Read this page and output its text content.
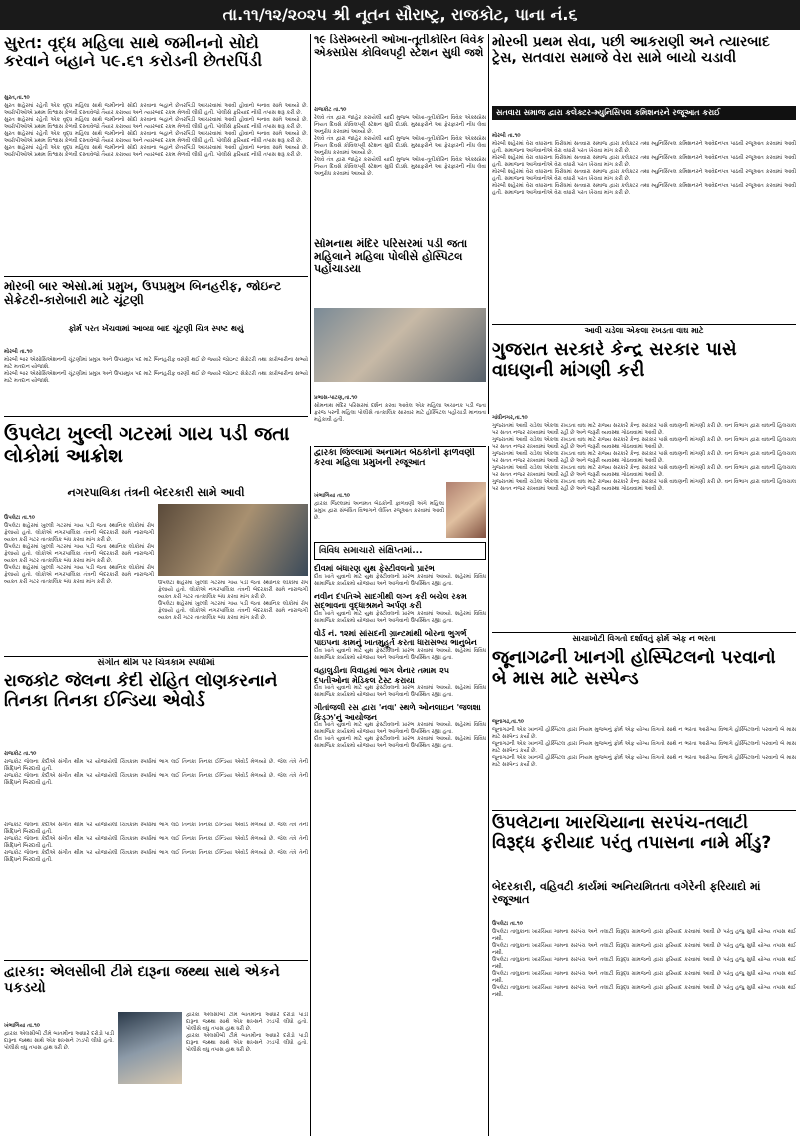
તા.૧૧/૧૨/૨૦૨૫ શ્રી નૂતન સૌરાષ્ટ્ર, રાજકોટ, પાના નં.૬
સુરત: વૃદ્ધ મહિલા સાથે જમીનનો સોદો કરવાને બહાને ૫૯.૬૧ કરોડની છેતરપિંડી
સુરત,તા.૧૦
સુરત શહેરમાં રહેતી એક વૃદ્ધ મહિલા સાથે જમીનનો સોદો કરવાના બહાને છેતરપિંડી આચરવામાં આવી હોવાનો બનાવ સામે આવ્યો છે. આરોપીઓએ પ્રથમ વિશ્વાસ કેળવી દસ્તાવેજો તૈયાર કરાવ્યા અને ત્યારબાદ રકમ મેળવી લીધી હતી. પોલીસે ફરિયાદ નોંધી તપાસ શરૂ કરી છે.
સુરત શહેરમાં રહેતી એક વૃદ્ધ મહિલા સાથે જમીનનો સોદો કરવાના બહાને છેતરપિંડી આચરવામાં આવી હોવાનો બનાવ સામે આવ્યો છે. આરોપીઓએ પ્રથમ વિશ્વાસ કેળવી દસ્તાવેજો તૈયાર કરાવ્યા અને ત્યારબાદ રકમ મેળવી લીધી હતી. પોલીસે ફરિયાદ નોંધી તપાસ શરૂ કરી છે.
સુરત શહેરમાં રહેતી એક વૃદ્ધ મહિલા સાથે જમીનનો સોદો કરવાના બહાને છેતરપિંડી આચરવામાં આવી હોવાનો બનાવ સામે આવ્યો છે. આરોપીઓએ પ્રથમ વિશ્વાસ કેળવી દસ્તાવેજો તૈયાર કરાવ્યા અને ત્યારબાદ રકમ મેળવી લીધી હતી. પોલીસે ફરિયાદ નોંધી તપાસ શરૂ કરી છે.
સુરત શહેરમાં રહેતી એક વૃદ્ધ મહિલા સાથે જમીનનો સોદો કરવાના બહાને છેતરપિંડી આચરવામાં આવી હોવાનો બનાવ સામે આવ્યો છે. આરોપીઓએ પ્રથમ વિશ્વાસ કેળવી દસ્તાવેજો તૈયાર કરાવ્યા અને ત્યારબાદ રકમ મેળવી લીધી હતી. પોલીસે ફરિયાદ નોંધી તપાસ શરૂ કરી છે.
૧૯ ડિસેમ્બરની ઓખા-તૂતીકોરિન વિવેક એક્સપ્રેસ કોવિલપટ્ટી સ્ટેશન સુધી જશે
રાજકોટ તા.૧૦
રેલવે તંત્ર દ્વારા જાહેર કરાયેલી યાદી મુજબ ઓખા-તૂતીકોરિન વિવેક એક્સપ્રેસ નિયત દિવસે કોવિલપટ્ટી સ્ટેશન સુધી દોડશે. મુસાફરોને આ ફેરફારની નોંધ લેવા અનુરોધ કરવામાં આવ્યો છે.
રેલવે તંત્ર દ્વારા જાહેર કરાયેલી યાદી મુજબ ઓખા-તૂતીકોરિન વિવેક એક્સપ્રેસ નિયત દિવસે કોવિલપટ્ટી સ્ટેશન સુધી દોડશે. મુસાફરોને આ ફેરફારની નોંધ લેવા અનુરોધ કરવામાં આવ્યો છે.
રેલવે તંત્ર દ્વારા જાહેર કરાયેલી યાદી મુજબ ઓખા-તૂતીકોરિન વિવેક એક્સપ્રેસ નિયત દિવસે કોવિલપટ્ટી સ્ટેશન સુધી દોડશે. મુસાફરોને આ ફેરફારની નોંધ લેવા અનુરોધ કરવામાં આવ્યો છે.
મોરબી પ્રથમ સેવા, પછી આકરાણી અને ત્યારબાદ ટ્રેસ, સતવારા સમાજે વેરા સામે બાયો ચડાવી
સતવારા સમાજ દ્વારા કલેક્ટર-મ્યુનિસિપલ કમિશનરને રજૂઆત કરાઈ
મોરબી તા.૧૦
મોરબી શહેરમાં વેરા વધારાના વિરોધમાં સતવારા સમાજ દ્વારા કલેક્ટર તથા મ્યુનિસિપલ કમિશનરને આવેદનપત્ર પાઠવી રજૂઆત કરવામાં આવી હતી. સમાજના આગેવાનોએ વેરા વધારો પરત ખેંચવા માંગ કરી છે.
મોરબી શહેરમાં વેરા વધારાના વિરોધમાં સતવારા સમાજ દ્વારા કલેક્ટર તથા મ્યુનિસિપલ કમિશનરને આવેદનપત્ર પાઠવી રજૂઆત કરવામાં આવી હતી. સમાજના આગેવાનોએ વેરા વધારો પરત ખેંચવા માંગ કરી છે.
મોરબી શહેરમાં વેરા વધારાના વિરોધમાં સતવારા સમાજ દ્વારા કલેક્ટર તથા મ્યુનિસિપલ કમિશનરને આવેદનપત્ર પાઠવી રજૂઆત કરવામાં આવી હતી. સમાજના આગેવાનોએ વેરા વધારો પરત ખેંચવા માંગ કરી છે.
મોરબી શહેરમાં વેરા વધારાના વિરોધમાં સતવારા સમાજ દ્વારા કલેક્ટર તથા મ્યુનિસિપલ કમિશનરને આવેદનપત્ર પાઠવી રજૂઆત કરવામાં આવી હતી. સમાજના આગેવાનોએ વેરા વધારો પરત ખેંચવા માંગ કરી છે.
સોમનાથ મંદિર પરિસરમાં પડી જતા મહિલાને મહિલા પોલીસે હોસ્પિટલ પહોંચાડયા
મોરબી બાર એસો.માં પ્રમુખ, ઉપપ્રમુખ બિનહરીફ, જોઇન્ટ સેક્રેટરી-કારોબારી માટે ચૂંટણી
ફોર્મ પરત ખેંચવામાં આવ્યા બાદ ચૂંટણી ચિત્ર સ્પષ્ટ થયું
મોરબી તા.૧૦
મોરબી બાર એસોસિએશનની ચૂંટણીમાં પ્રમુખ અને ઉપપ્રમુખ પદ માટે બિનહરીફ વરણી થઈ છે જ્યારે જોઇન્ટ સેક્રેટરી તથા કારોબારીના સભ્યો માટે મતદાન યોજાશે.
મોરબી બાર એસોસિએશનની ચૂંટણીમાં પ્રમુખ અને ઉપપ્રમુખ પદ માટે બિનહરીફ વરણી થઈ છે જ્યારે જોઇન્ટ સેક્રેટરી તથા કારોબારીના સભ્યો માટે મતદાન યોજાશે.
પ્રભાસ-પાટણ,તા.૧૦
સોમનાથ મંદિર પરિસરમાં દર્શન કરવા આવેલ એક મહિલા અચાનક પડી જતા ફરજ પરની મહિલા પોલીસે તાત્કાલિક સારવાર માટે હોસ્પિટલ પહોંચાડી માનવતા મહેકાવી હતી.
આવી ચડેલા એકલા રખડતા વાઘ માટે
ગુજરાત સરકારે કેન્દ્ર સરકાર પાસે વાઘણની માંગણી કરી
ગાંધીનગર,તા.૧૦
ગુજરાતમાં આવી ચડેલા એકલા રખડતા વાઘ માટે રાજ્ય સરકારે કેન્દ્ર સરકાર પાસે વાઘણની માંગણી કરી છે. વન વિભાગ દ્વારા વાઘની હિલચાલ પર સતત નજર રાખવામાં આવી રહી છે અને જરૂરી વ્યવસ્થા ગોઠવવામાં આવી છે.
ગુજરાતમાં આવી ચડેલા એકલા રખડતા વાઘ માટે રાજ્ય સરકારે કેન્દ્ર સરકાર પાસે વાઘણની માંગણી કરી છે. વન વિભાગ દ્વારા વાઘની હિલચાલ પર સતત નજર રાખવામાં આવી રહી છે અને જરૂરી વ્યવસ્થા ગોઠવવામાં આવી છે.
ગુજરાતમાં આવી ચડેલા એકલા રખડતા વાઘ માટે રાજ્ય સરકારે કેન્દ્ર સરકાર પાસે વાઘણની માંગણી કરી છે. વન વિભાગ દ્વારા વાઘની હિલચાલ પર સતત નજર રાખવામાં આવી રહી છે અને જરૂરી વ્યવસ્થા ગોઠવવામાં આવી છે.
ગુજરાતમાં આવી ચડેલા એકલા રખડતા વાઘ માટે રાજ્ય સરકારે કેન્દ્ર સરકાર પાસે વાઘણની માંગણી કરી છે. વન વિભાગ દ્વારા વાઘની હિલચાલ પર સતત નજર રાખવામાં આવી રહી છે અને જરૂરી વ્યવસ્થા ગોઠવવામાં આવી છે.
ગુજરાતમાં આવી ચડેલા એકલા રખડતા વાઘ માટે રાજ્ય સરકારે કેન્દ્ર સરકાર પાસે વાઘણની માંગણી કરી છે. વન વિભાગ દ્વારા વાઘની હિલચાલ પર સતત નજર રાખવામાં આવી રહી છે અને જરૂરી વ્યવસ્થા ગોઠવવામાં આવી છે.
દ્વારકા જિલ્લામાં અનામત બેઠકોની ફાળવણી કરવા મહિલા પ્રમુખની રજૂઆત
ખંભાળિયા તા.૧૦
દ્વારકા જિલ્લામાં અનામત બેઠકોની ફાળવણી અંગે મહિલા પ્રમુખ દ્વારા સંબંધિત વિભાગને લેખિત રજૂઆત કરવામાં આવી છે.
ઉપલેટા ખુલ્લી ગટરમાં ગાય પડી જતા લોકોમાં આક્રોશ
નગરપાલિકા તંત્રની બેદરકારી સામે આવી
ઉપલેટા તા.૧૦
ઉપલેટા શહેરમાં ખુલ્લી ગટરમાં ગાય પડી જતા સ્થાનિક લોકોમાં રોષ ફેલાયો હતો. લોકોએ નગરપાલિકા તંત્રની બેદરકારી સામે નારાજગી વ્યક્ત કરી ગટર તાત્કાલિક બંધ કરવા માંગ કરી છે.
ઉપલેટા શહેરમાં ખુલ્લી ગટરમાં ગાય પડી જતા સ્થાનિક લોકોમાં રોષ ફેલાયો હતો. લોકોએ નગરપાલિકા તંત્રની બેદરકારી સામે નારાજગી વ્યક્ત કરી ગટર તાત્કાલિક બંધ કરવા માંગ કરી છે.
ઉપલેટા શહેરમાં ખુલ્લી ગટરમાં ગાય પડી જતા સ્થાનિક લોકોમાં રોષ ફેલાયો હતો. લોકોએ નગરપાલિકા તંત્રની બેદરકારી સામે નારાજગી વ્યક્ત કરી ગટર તાત્કાલિક બંધ કરવા માંગ કરી છે.	ઉપલેટા શહેરમાં ખુલ્લી ગટરમાં ગાય પડી જતા સ્થાનિક લોકોમાં રોષ ફેલાયો હતો. લોકોએ નગરપાલિકા તંત્રની બેદરકારી સામે નારાજગી વ્યક્ત કરી ગટર તાત્કાલિક બંધ કરવા માંગ કરી છે.
ઉપલેટા શહેરમાં ખુલ્લી ગટરમાં ગાય પડી જતા સ્થાનિક લોકોમાં રોષ ફેલાયો હતો. લોકોએ નગરપાલિકા તંત્રની બેદરકારી સામે નારાજગી વ્યક્ત કરી ગટર તાત્કાલિક બંધ કરવા માંગ કરી છે.
વિવિધ સમાચારો સંક્ષિપ્તમાં...
દીવમાં બંધારણ યુથ ફેસ્ટીવલનો પ્રારંભ
દીવ ખાતે યુવાનો માટે યુથ ફેસ્ટીવલનો પ્રારંભ કરવામાં આવ્યો. શહેરમાં વિવિધ સામાજિક કાર્યક્રમો યોજાયા અને આગેવાનો ઉપસ્થિત રહ્યા હતા.
નવીન દંપતિએ સાદગીથી લગ્ન કરી બચેલ રકમ સદ્ભાવના વૃદ્ધાશ્રમને અર્પણ કરી
દીવ ખાતે યુવાનો માટે યુથ ફેસ્ટીવલનો પ્રારંભ કરવામાં આવ્યો. શહેરમાં વિવિધ સામાજિક કાર્યક્રમો યોજાયા અને આગેવાનો ઉપસ્થિત રહ્યા હતા.
વોર્ડ નં. ૧૨માં સાંસદની ગ્રાન્ટમાંથી બોરના ભુગર્ભ પાઇપના કામનું ખાતમુહૂર્ત કરતા ધારાસભ્ય ભાનુબેન
દીવ ખાતે યુવાનો માટે યુથ ફેસ્ટીવલનો પ્રારંભ કરવામાં આવ્યો. શહેરમાં વિવિધ સામાજિક કાર્યક્રમો યોજાયા અને આગેવાનો ઉપસ્થિત રહ્યા હતા.
વહાલુડીના વિવાહમાં ભાગ લેનાર તમામ ૨૫ દંપતીઓના મેડિકલ ટેસ્ટ કરાયા
દીવ ખાતે યુવાનો માટે યુથ ફેસ્ટીવલનો પ્રારંભ કરવામાં આવ્યો. શહેરમાં વિવિધ સામાજિક કાર્યક્રમો યોજાયા અને આગેવાનો ઉપસ્થિત રહ્યા હતા.
ગીતાંજલી રસ દ્વારા 'નવા' સ્થળે ઓનલાઇન 'જલશા કિડ્ઝ'નું આયોજન
દીવ ખાતે યુવાનો માટે યુથ ફેસ્ટીવલનો પ્રારંભ કરવામાં આવ્યો. શહેરમાં વિવિધ સામાજિક કાર્યક્રમો યોજાયા અને આગેવાનો ઉપસ્થિત રહ્યા હતા.
દીવ ખાતે યુવાનો માટે યુથ ફેસ્ટીવલનો પ્રારંભ કરવામાં આવ્યો. શહેરમાં વિવિધ સામાજિક કાર્યક્રમો યોજાયા અને આગેવાનો ઉપસ્થિત રહ્યા હતા.
સાચાખોટી વિગતો દર્શાવતું ફોર્મ એફ ન ભરતા
જૂનાગઢની ખાનગી હોસ્પિટલનો પરવાનો બે માસ માટે સસ્પેન્ડ
જૂનાગઢ,તા.૧૦
જૂનાગઢની એક ખાનગી હોસ્પિટલ દ્વારા નિયમ મુજબનું ફોર્મ એફ યોગ્ય વિગતો સાથે ન ભરતા આરોગ્ય વિભાગે હોસ્પિટલનો પરવાનો બે માસ માટે સસ્પેન્ડ કર્યો છે.
જૂનાગઢની એક ખાનગી હોસ્પિટલ દ્વારા નિયમ મુજબનું ફોર્મ એફ યોગ્ય વિગતો સાથે ન ભરતા આરોગ્ય વિભાગે હોસ્પિટલનો પરવાનો બે માસ માટે સસ્પેન્ડ કર્યો છે.
જૂનાગઢની એક ખાનગી હોસ્પિટલ દ્વારા નિયમ મુજબનું ફોર્મ એફ યોગ્ય વિગતો સાથે ન ભરતા આરોગ્ય વિભાગે હોસ્પિટલનો પરવાનો બે માસ માટે સસ્પેન્ડ કર્યો છે.
સંગીત થીમ પર ચિત્રકામ સ્પર્ધામાં
રાજકોટ જેલના કેદી રોહિત લોણકરનાને તિનકા તિનકા ઈન્ડિયા એવોર્ડ
રાજકોટ તા.૧૦
રાજકોટ જેલના કેદીએ સંગીત થીમ પર યોજાયેલી ચિત્રકામ સ્પર્ધામાં ભાગ લઈ તિનકા તિનકા ઈન્ડિયા એવોર્ડ મેળવ્યો છે. જેલ તંત્રે તેની સિદ્ધિને બિરદાવી હતી.
રાજકોટ જેલના કેદીએ સંગીત થીમ પર યોજાયેલી ચિત્રકામ સ્પર્ધામાં ભાગ લઈ તિનકા તિનકા ઈન્ડિયા એવોર્ડ મેળવ્યો છે. જેલ તંત્રે તેની સિદ્ધિને બિરદાવી હતી.
ઉપલેટાના ખારચિયાના સરપંચ-તલાટી વિરૂદ્ધ ફરીયાદ પરંતુ તપાસના નામે મીંડુ?
બેદરકારી, વહિવટી કાર્યમાં અનિયમિતતા વગેરેની ફરિયાદો માં રજૂઆત
ઉપલેટા તા.૧૦
ઉપલેટા તાલુકાના ખારચિયા ગામના સરપંચ અને તલાટી વિરૂદ્ધ ગ્રામજનો દ્વારા ફરિયાદ કરવામાં આવી છે પરંતુ હજુ સુધી યોગ્ય તપાસ થઈ નથી.
ઉપલેટા તાલુકાના ખારચિયા ગામના સરપંચ અને તલાટી વિરૂદ્ધ ગ્રામજનો દ્વારા ફરિયાદ કરવામાં આવી છે પરંતુ હજુ સુધી યોગ્ય તપાસ થઈ નથી.
ઉપલેટા તાલુકાના ખારચિયા ગામના સરપંચ અને તલાટી વિરૂદ્ધ ગ્રામજનો દ્વારા ફરિયાદ કરવામાં આવી છે પરંતુ હજુ સુધી યોગ્ય તપાસ થઈ નથી.
ઉપલેટા તાલુકાના ખારચિયા ગામના સરપંચ અને તલાટી વિરૂદ્ધ ગ્રામજનો દ્વારા ફરિયાદ કરવામાં આવી છે પરંતુ હજુ સુધી યોગ્ય તપાસ થઈ નથી.
ઉપલેટા તાલુકાના ખારચિયા ગામના સરપંચ અને તલાટી વિરૂદ્ધ ગ્રામજનો દ્વારા ફરિયાદ કરવામાં આવી છે પરંતુ હજુ સુધી યોગ્ય તપાસ થઈ નથી.
દ્વારકા: એલસીબી ટીમે દારૂના જથ્થા સાથે એકને પકડયો
ખંભાળિયા તા.૧૦
દ્વારકા એલસીબી ટીમે બાતમીના આધારે દરોડો પાડી દારૂના જથ્થા સાથે એક શખ્સને ઝડપી લીધો હતો. પોલીસે વધુ તપાસ હાથ ધરી છે.
દ્વારકા એલસીબી ટીમે બાતમીના આધારે દરોડો પાડી દારૂના જથ્થા સાથે એક શખ્સને ઝડપી લીધો હતો. પોલીસે વધુ તપાસ હાથ ધરી છે.
દ્વારકા એલસીબી ટીમે બાતમીના આધારે દરોડો પાડી દારૂના જથ્થા સાથે એક શખ્સને ઝડપી લીધો હતો. પોલીસે વધુ તપાસ હાથ ધરી છે.
રાજકોટ જેલના કેદીએ સંગીત થીમ પર યોજાયેલી ચિત્રકામ સ્પર્ધામાં ભાગ લઈ તિનકા તિનકા ઈન્ડિયા એવોર્ડ મેળવ્યો છે. જેલ તંત્રે તેની સિદ્ધિને બિરદાવી હતી.
રાજકોટ જેલના કેદીએ સંગીત થીમ પર યોજાયેલી ચિત્રકામ સ્પર્ધામાં ભાગ લઈ તિનકા તિનકા ઈન્ડિયા એવોર્ડ મેળવ્યો છે. જેલ તંત્રે તેની સિદ્ધિને બિરદાવી હતી.
રાજકોટ જેલના કેદીએ સંગીત થીમ પર યોજાયેલી ચિત્રકામ સ્પર્ધામાં ભાગ લઈ તિનકા તિનકા ઈન્ડિયા એવોર્ડ મેળવ્યો છે. જેલ તંત્રે તેની સિદ્ધિને બિરદાવી હતી.
